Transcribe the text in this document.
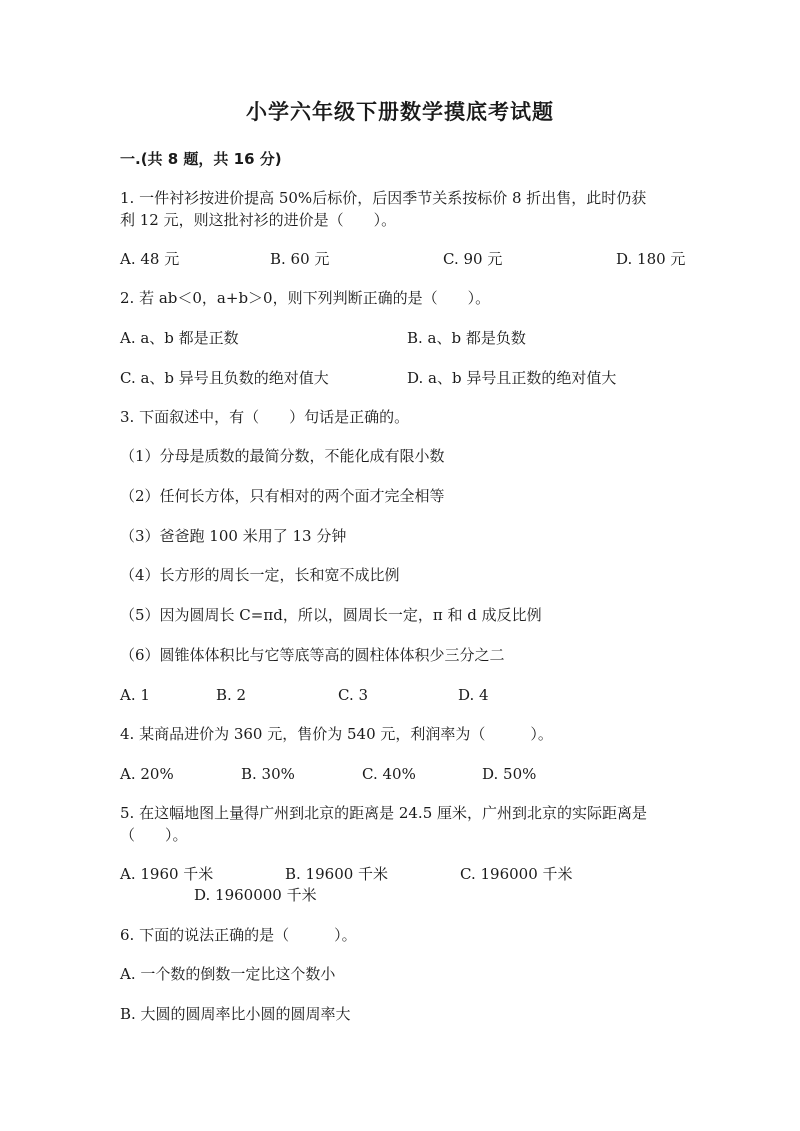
小学六年级下册数学摸底考试题
一.(共 8 题，共 16 分)
1. 一件衬衫按进价提高 50%后标价，后因季节关系按标价 8 折出售，此时仍获
利 12 元，则这批衬衫的进价是（　　）。
A. 48 元	B. 60 元	C. 90 元	D. 180 元
2. 若 ab＜0，a+b＞0，则下列判断正确的是（　　）。
A. a、b 都是正数	B. a、b 都是负数
C. a、b 异号且负数的绝对值大	D. a、b 异号且正数的绝对值大
3. 下面叙述中，有（　　）句话是正确的。
（1）分母是质数的最简分数，不能化成有限小数
（2）任何长方体，只有相对的两个面才完全相等
（3）爸爸跑 100 米用了 13 分钟
（4）长方形的周长一定，长和宽不成比例
（5）因为圆周长 C=πd，所以，圆周长一定，π 和 d 成反比例
（6）圆锥体体积比与它等底等高的圆柱体体积少三分之二
A. 1	B. 2	C. 3	D. 4
4. 某商品进价为 360 元，售价为 540 元，利润率为（　　　）。
A. 20%	B. 30%	C. 40%	D. 50%
5. 在这幅地图上量得广州到北京的距离是 24.5 厘米，广州到北京的实际距离是
（　　）。
A. 1960 千米	B. 19600 千米	C. 196000 千米
D. 1960000 千米
6. 下面的说法正确的是（　　　）。
A. 一个数的倒数一定比这个数小
B. 大圆的圆周率比小圆的圆周率大
